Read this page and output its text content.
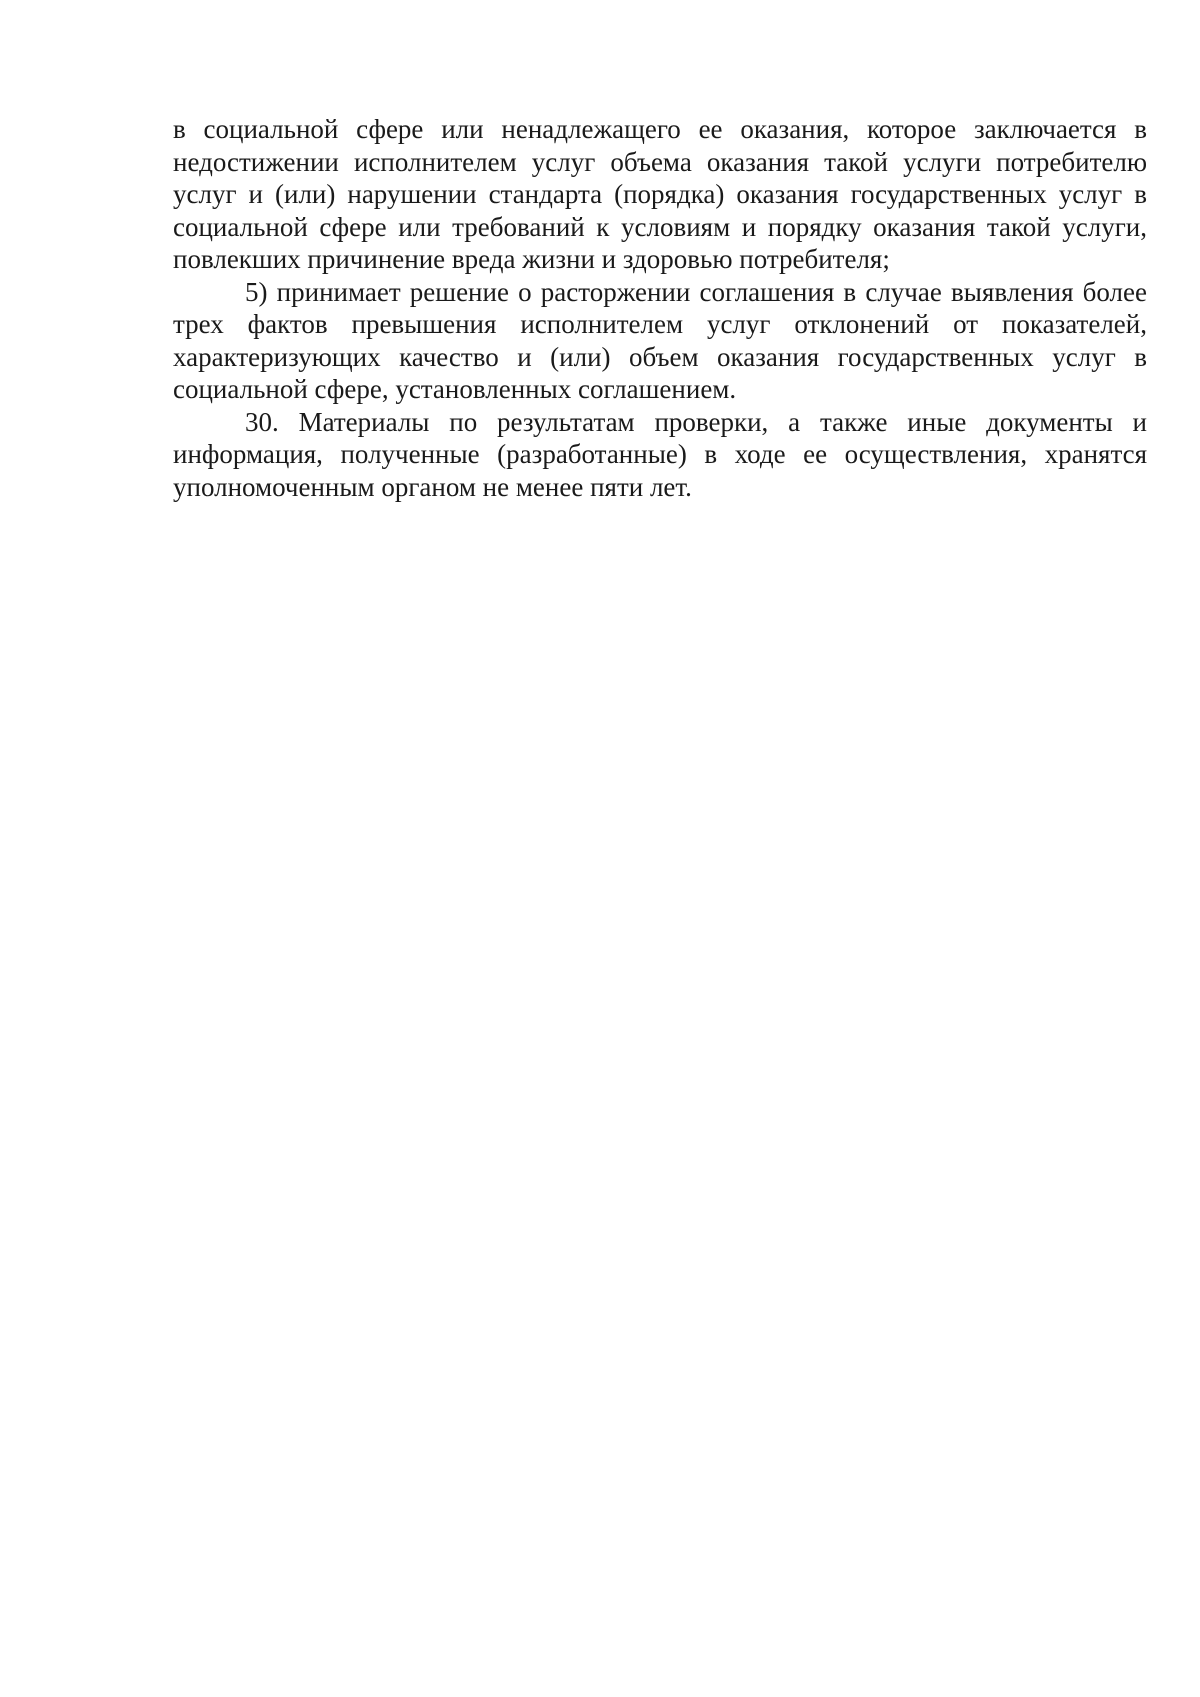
в социальной сфере или ненадлежащего ее оказания, которое заключается в недостижении исполнителем услуг объема оказания такой услуги потребителю услуг и (или) нарушении стандарта (порядка) оказания государственных услуг в социальной сфере или требований к условиям и порядку оказания такой услуги, повлекших причинение вреда жизни и здоровью потребителя;

5) принимает решение о расторжении соглашения в случае выявления более трех фактов превышения исполнителем услуг отклонений от показателей, характеризующих качество и (или) объем оказания государственных услуг в социальной сфере, установленных соглашением.

30. Материалы по результатам проверки, а также иные документы и информация, полученные (разработанные) в ходе ее осуществления, хранятся уполномоченным органом не менее пяти лет.
